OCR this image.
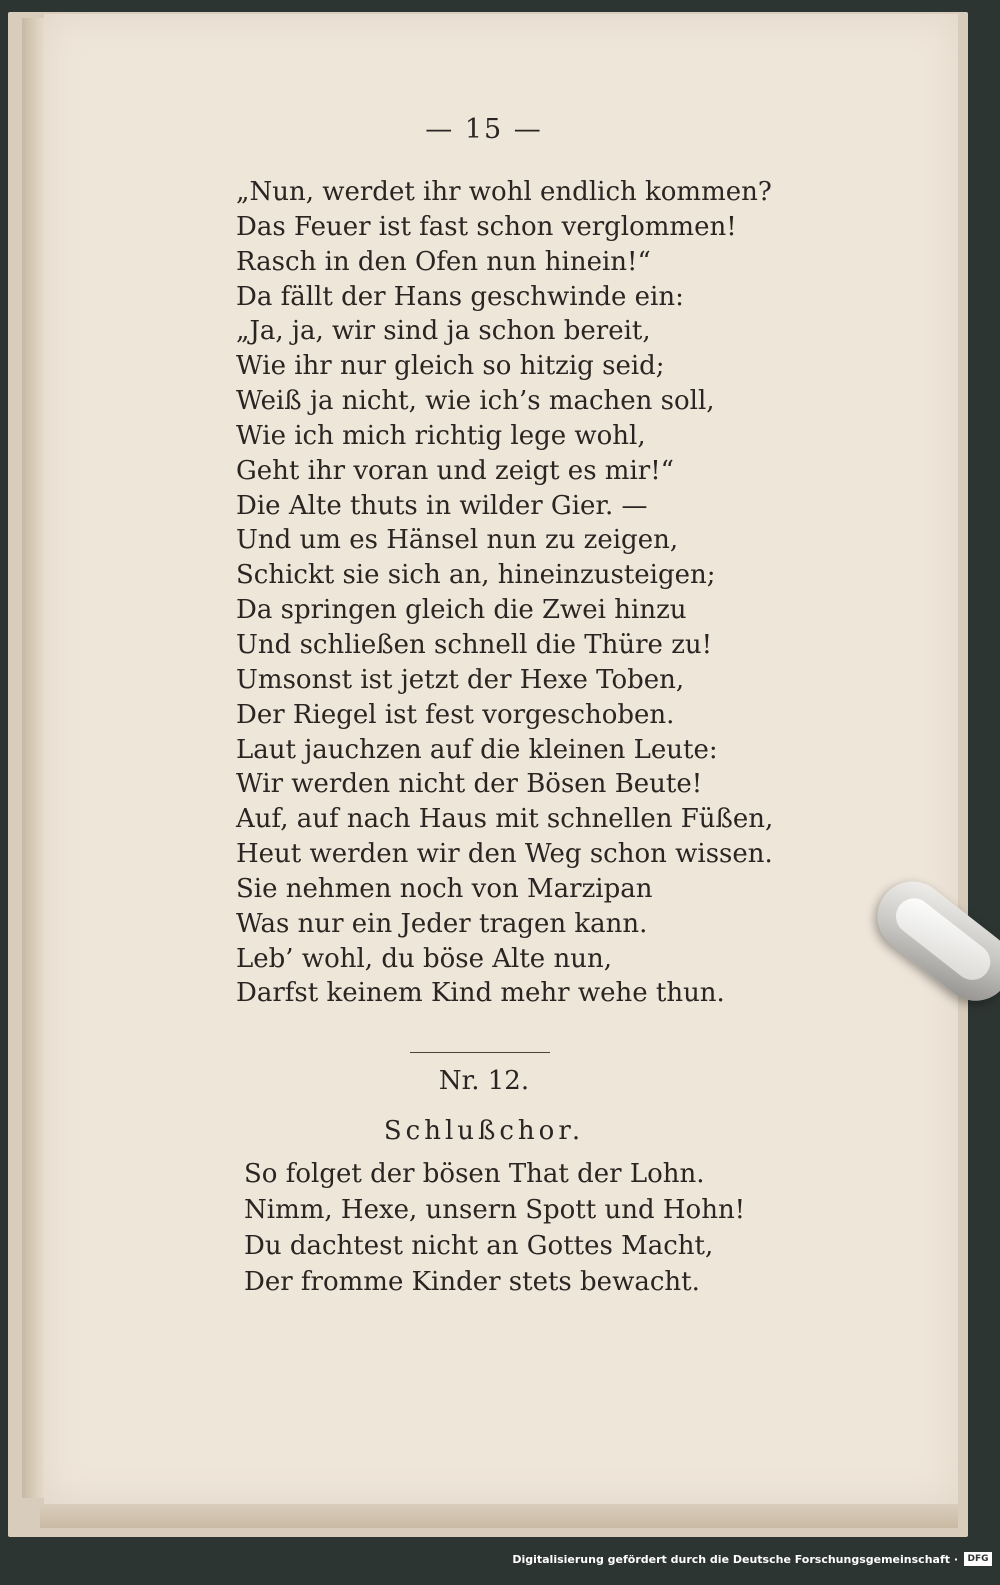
— 15 —
„Nun, werdet ihr wohl endlich kommen?
Das Feuer ist fast schon verglommen!
Rasch in den Ofen nun hinein!“
Da fällt der Hans geschwinde ein:
„Ja, ja, wir sind ja schon bereit,
Wie ihr nur gleich so hitzig seid;
Weiß ja nicht, wie ich’s machen soll,
Wie ich mich richtig lege wohl,
Geht ihr voran und zeigt es mir!“
Die Alte thuts in wilder Gier. —
Und um es Hänsel nun zu zeigen,
Schickt sie sich an, hineinzusteigen;
Da springen gleich die Zwei hinzu
Und schließen schnell die Thüre zu!
Umsonst ist jetzt der Hexe Toben,
Der Riegel ist fest vorgeschoben.
Laut jauchzen auf die kleinen Leute:
Wir werden nicht der Bösen Beute!
Auf, auf nach Haus mit schnellen Füßen,
Heut werden wir den Weg schon wissen.
Sie nehmen noch von Marzipan
Was nur ein Jeder tragen kann.
Leb’ wohl, du böse Alte nun,
Darfst keinem Kind mehr wehe thun.
Nr. 12.
Schlußchor.
So folget der bösen That der Lohn.
Nimm, Hexe, unsern Spott und Hohn!
Du dachtest nicht an Gottes Macht,
Der fromme Kinder stets bewacht.
Digitalisierung gefördert durch die Deutsche Forschungsgemeinschaft ·	DFG
